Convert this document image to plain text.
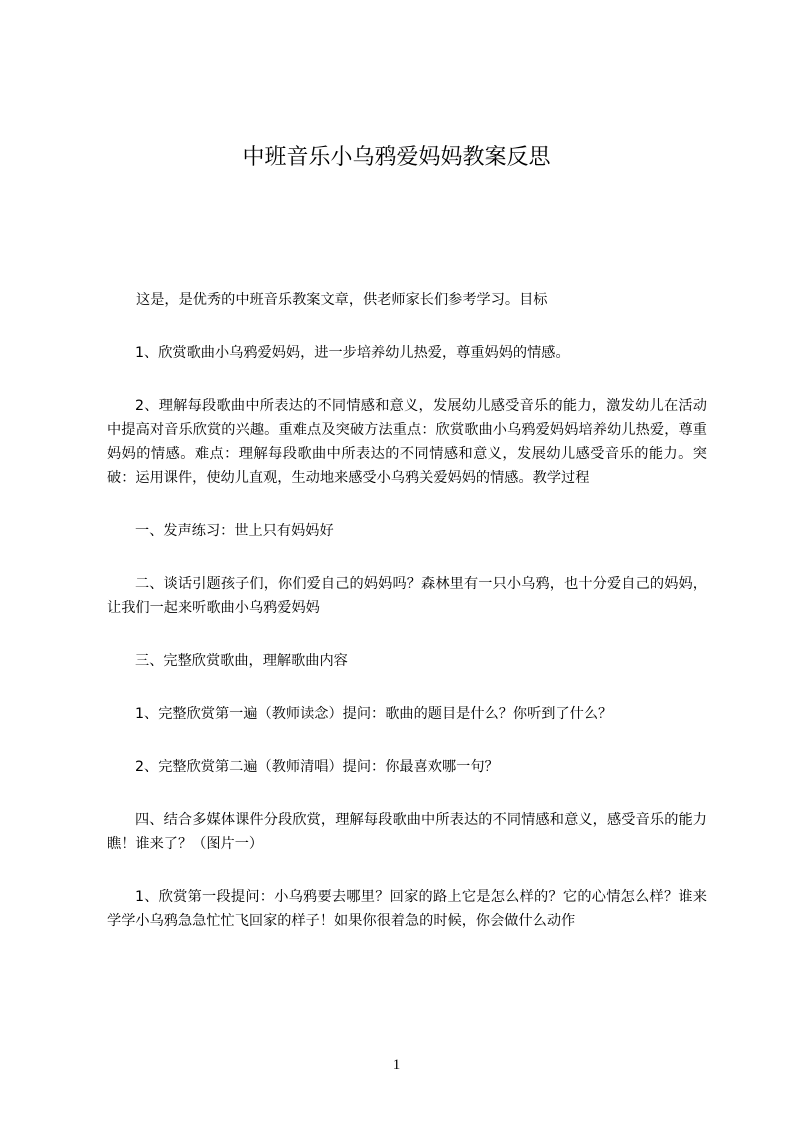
中班音乐小乌鸦爱妈妈教案反思

这是，是优秀的中班音乐教案文章，供老师家长们参考学习。目标

1、欣赏歌曲小乌鸦爱妈妈，进一步培养幼儿热爱，尊重妈妈的情感。

2、理解每段歌曲中所表达的不同情感和意义，发展幼儿感受音乐的能力，激发幼儿在活动中提高对音乐欣赏的兴趣。重难点及突破方法重点：欣赏歌曲小乌鸦爱妈妈培养幼儿热爱，尊重妈妈的情感。难点：理解每段歌曲中所表达的不同情感和意义，发展幼儿感受音乐的能力。突破：运用课件，使幼儿直观，生动地来感受小乌鸦关爱妈妈的情感。教学过程

一、发声练习：世上只有妈妈好

二、谈话引题孩子们，你们爱自己的妈妈吗？森林里有一只小乌鸦，也十分爱自己的妈妈，让我们一起来听歌曲小乌鸦爱妈妈

三、完整欣赏歌曲，理解歌曲内容

1、完整欣赏第一遍（教师读念）提问：歌曲的题目是什么？你听到了什么？

2、完整欣赏第二遍（教师清唱）提问：你最喜欢哪一句？

四、结合多媒体课件分段欣赏，理解每段歌曲中所表达的不同情感和意义，感受音乐的能力瞧！谁来了？（图片一）

1、欣赏第一段提问：小乌鸦要去哪里？回家的路上它是怎么样的？它的心情怎么样？谁来学学小乌鸦急急忙忙飞回家的样子！如果你很着急的时候，你会做什么动作

1
